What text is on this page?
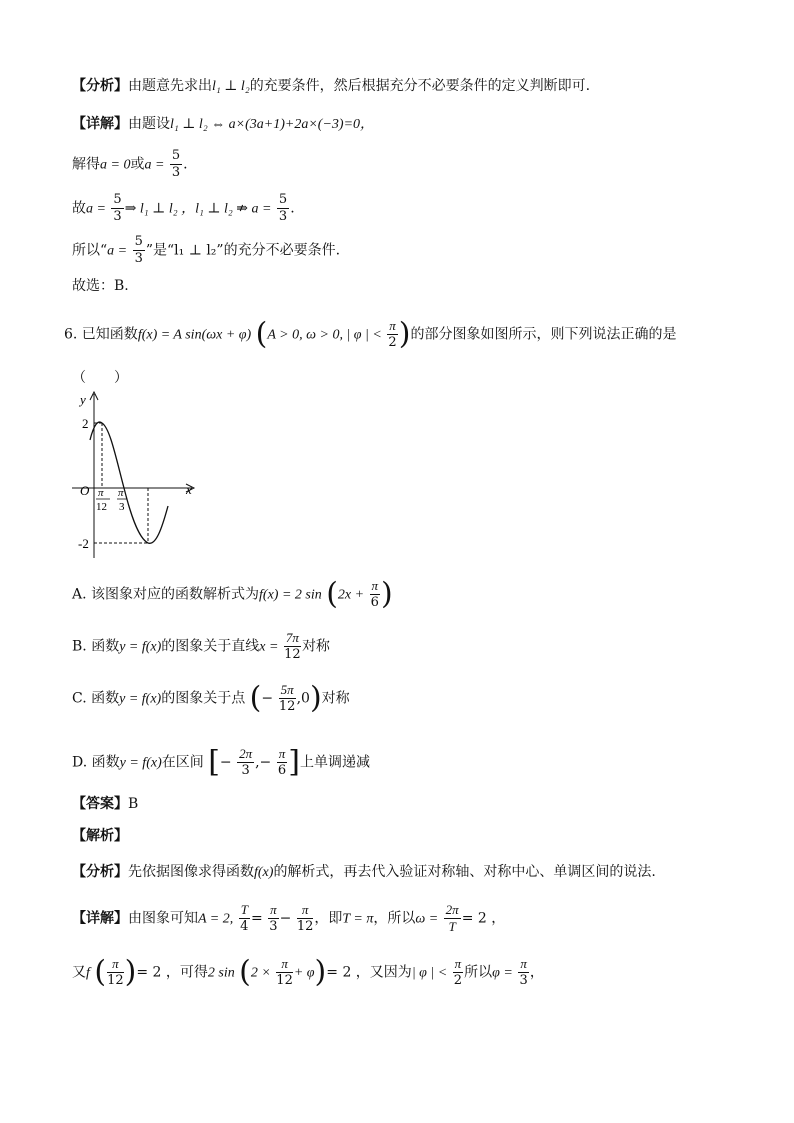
【分析】由题意先求出l₁ ⊥ l₂的充要条件，然后根据充分不必要条件的定义判断即可.
【详解】由题设l₁ ⊥ l₂ ⇔ a×(3a+1)+2a×(−3)=0，
解得a = 0或$a = \frac{5}{3}$ .
故$a = \frac{5}{3}$ ⇒ l₁ ⊥ l₂ ，l₁ ⊥ l₂ ⇏ $a = \frac{5}{3}$ .
所以“$a = \frac{5}{3}$ ”是“l₁ ⊥ l₂”的充分不必要条件.
故选：B.
6. 已知函数f(x) = A sin(ωx + φ) (A > 0, ω > 0, | φ | < $\frac{\pi}{2}$ )的部分图象如图所示，则下列说法正确的是
（　　）
y
x
O
2
-2
π
12
π
3
A. 该图象对应的函数解析式为f(x) = 2 $\sin (2x + \frac{\pi}{6}$ )
B. 函数y = f(x)的图象关于直线$x = \frac{7\pi}{12}$ 对称
C. 函数y = f(x)的图象关于点 (− $\frac{5\pi}{12} ,0$)对称
D. 函数y = f(x)在区间 [− $\frac{2\pi}{3}$ ,− $\frac{\pi}{6}$ ]上单调递减
【答案】B
【解析】
【分析】先依据图像求得函数f(x)的解析式，再去代入验证对称轴、对称中心、单调区间的说法.
【详解】由图象可知A = 2, $\frac{T}{4} = \frac{\pi}{3} - \frac{\pi}{12}$ ，即T = π，所以$\omega = \frac{2\pi}{T} = 2$ ，
又f ( $\frac{\pi}{12}$ )= 2 ，可得2 $\sin (2 \times \frac{\pi}{12} + \varphi)= 2$ ，又因为| φ | < $\frac{\pi}{2}$ 所以$\varphi = \frac{\pi}{3}$ ，
